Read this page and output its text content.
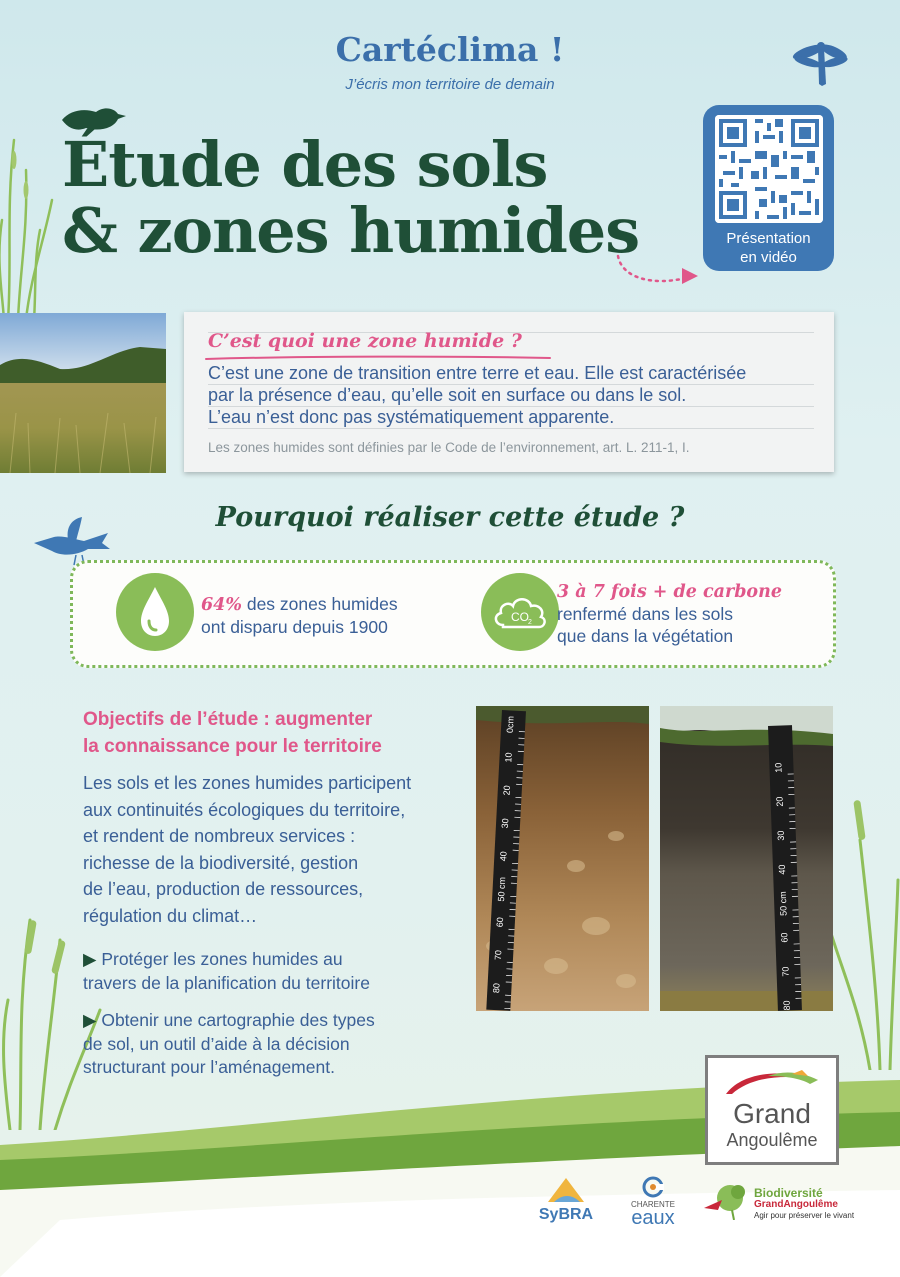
Cartéclima !
J’écris mon territoire de demain
Étude des sols
& zones humides	Présentation
en vidéo
C’est quoi une zone humide ?
C’est une zone de transition entre terre et eau. Elle est caractérisée
par la présence d’eau, qu’elle soit en surface ou dans le sol.
L’eau n’est donc pas systématiquement apparente.
Les zones humides sont définies par le Code de l’environnement, art. L. 211-1, I.
Pourquoi réaliser cette étude ?
64% des zones humides
ont disparu depuis 1900	CO 2
3 à 7 fois + de carbone
renfermé dans les sols
que dans la végétation
Objectifs de l’étude : augmenter
la connaissance pour le territoire
Les sols et les zones humides participent
aux continuités écologiques du territoire,
et rendent de nombreux services :
richesse de la biodiversité, gestion
de l’eau, production de ressources,
régulation du climat…
▶ Protéger les zones humides au
travers de la planification du territoire
▶ Obtenir une cartographie des types
de sol, un outil d’aide à la décision
structurant pour l’aménagement.
0cm
10
20
30
40
50 cm
60
70
80
10
20
30
40
50 cm
60
70
80
Grand
Angoulême
SyBRA
CHARENTE
eaux
Biodiversité
GrandAngoulême
Agir pour préserver le vivant
